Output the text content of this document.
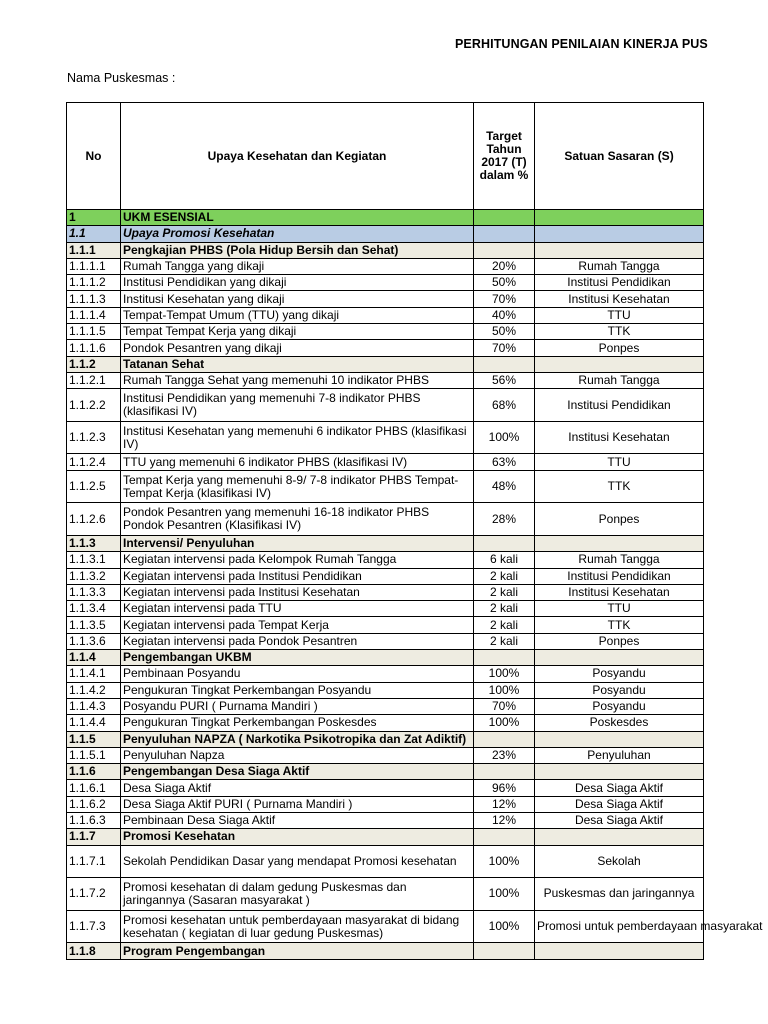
PERHITUNGAN PENILAIAN KINERJA PUS
Nama Puskesmas :
No	Upaya Kesehatan dan Kegiatan	Target Tahun 2017 (T) dalam %	Satuan Sasaran (S)
1	UKM ESENSIAL		
1.1	Upaya Promosi Kesehatan		
1.1.1	Pengkajian PHBS (Pola Hidup Bersih dan Sehat)		
1.1.1.1	Rumah Tangga yang dikaji	20%	Rumah Tangga
1.1.1.2	Institusi Pendidikan yang dikaji	50%	Institusi Pendidikan
1.1.1.3	Institusi Kesehatan yang dikaji	70%	Institusi Kesehatan
1.1.1.4	Tempat-Tempat Umum (TTU) yang dikaji	40%	TTU
1.1.1.5	Tempat Tempat Kerja yang dikaji	50%	TTK
1.1.1.6	Pondok Pesantren yang dikaji	70%	Ponpes
1.1.2	Tatanan Sehat		
1.1.2.1	Rumah Tangga Sehat yang memenuhi 10 indikator PHBS	56%	Rumah Tangga
1.1.2.2	Institusi Pendidikan yang memenuhi 7-8 indikator PHBS (klasifikasi IV)	68%	Institusi Pendidikan
1.1.2.3	Institusi Kesehatan yang memenuhi 6 indikator PHBS (klasifikasi IV)	100%	Institusi Kesehatan
1.1.2.4	TTU yang memenuhi 6 indikator PHBS (klasifikasi IV)	63%	TTU
1.1.2.5	Tempat Kerja yang memenuhi 8-9/ 7-8 indikator PHBS Tempat-Tempat Kerja (klasifikasi IV)	48%	TTK
1.1.2.6	Pondok Pesantren yang memenuhi 16-18 indikator PHBS Pondok Pesantren (Klasifikasi IV)	28%	Ponpes
1.1.3	Intervensi/ Penyuluhan		
1.1.3.1	Kegiatan intervensi pada Kelompok Rumah Tangga	6 kali	Rumah Tangga
1.1.3.2	Kegiatan intervensi pada Institusi Pendidikan	2 kali	Institusi Pendidikan
1.1.3.3	Kegiatan intervensi pada Institusi Kesehatan	2 kali	Institusi Kesehatan
1.1.3.4	Kegiatan intervensi pada TTU	2 kali	TTU
1.1.3.5	Kegiatan intervensi pada Tempat Kerja	2 kali	TTK
1.1.3.6	Kegiatan intervensi pada Pondok Pesantren	2 kali	Ponpes
1.1.4	Pengembangan UKBM		
1.1.4.1	Pembinaan Posyandu	100%	Posyandu
1.1.4.2	Pengukuran Tingkat Perkembangan Posyandu	100%	Posyandu
1.1.4.3	Posyandu PURI ( Purnama Mandiri )	70%	Posyandu
1.1.4.4	Pengukuran Tingkat Perkembangan Poskesdes	100%	Poskesdes
1.1.5	Penyuluhan NAPZA ( Narkotika Psikotropika dan Zat Adiktif)		
1.1.5.1	Penyuluhan Napza	23%	Penyuluhan
1.1.6	Pengembangan Desa Siaga Aktif		
1.1.6.1	Desa Siaga Aktif	96%	Desa Siaga Aktif
1.1.6.2	Desa Siaga Aktif PURI ( Purnama Mandiri )	12%	Desa Siaga Aktif
1.1.6.3	Pembinaan Desa Siaga Aktif	12%	Desa Siaga Aktif
1.1.7	Promosi Kesehatan		
1.1.7.1	Sekolah Pendidikan Dasar yang mendapat Promosi kesehatan	100%	Sekolah
1.1.7.2	Promosi kesehatan di dalam gedung Puskesmas dan jaringannya (Sasaran masyarakat )	100%	Puskesmas dan jaringannya
1.1.7.3	Promosi kesehatan untuk pemberdayaan masyarakat di bidang kesehatan ( kegiatan di luar gedung Puskesmas)	100%	Promosi untuk pemberdayaan masyarakat
1.1.8	Program Pengembangan		
